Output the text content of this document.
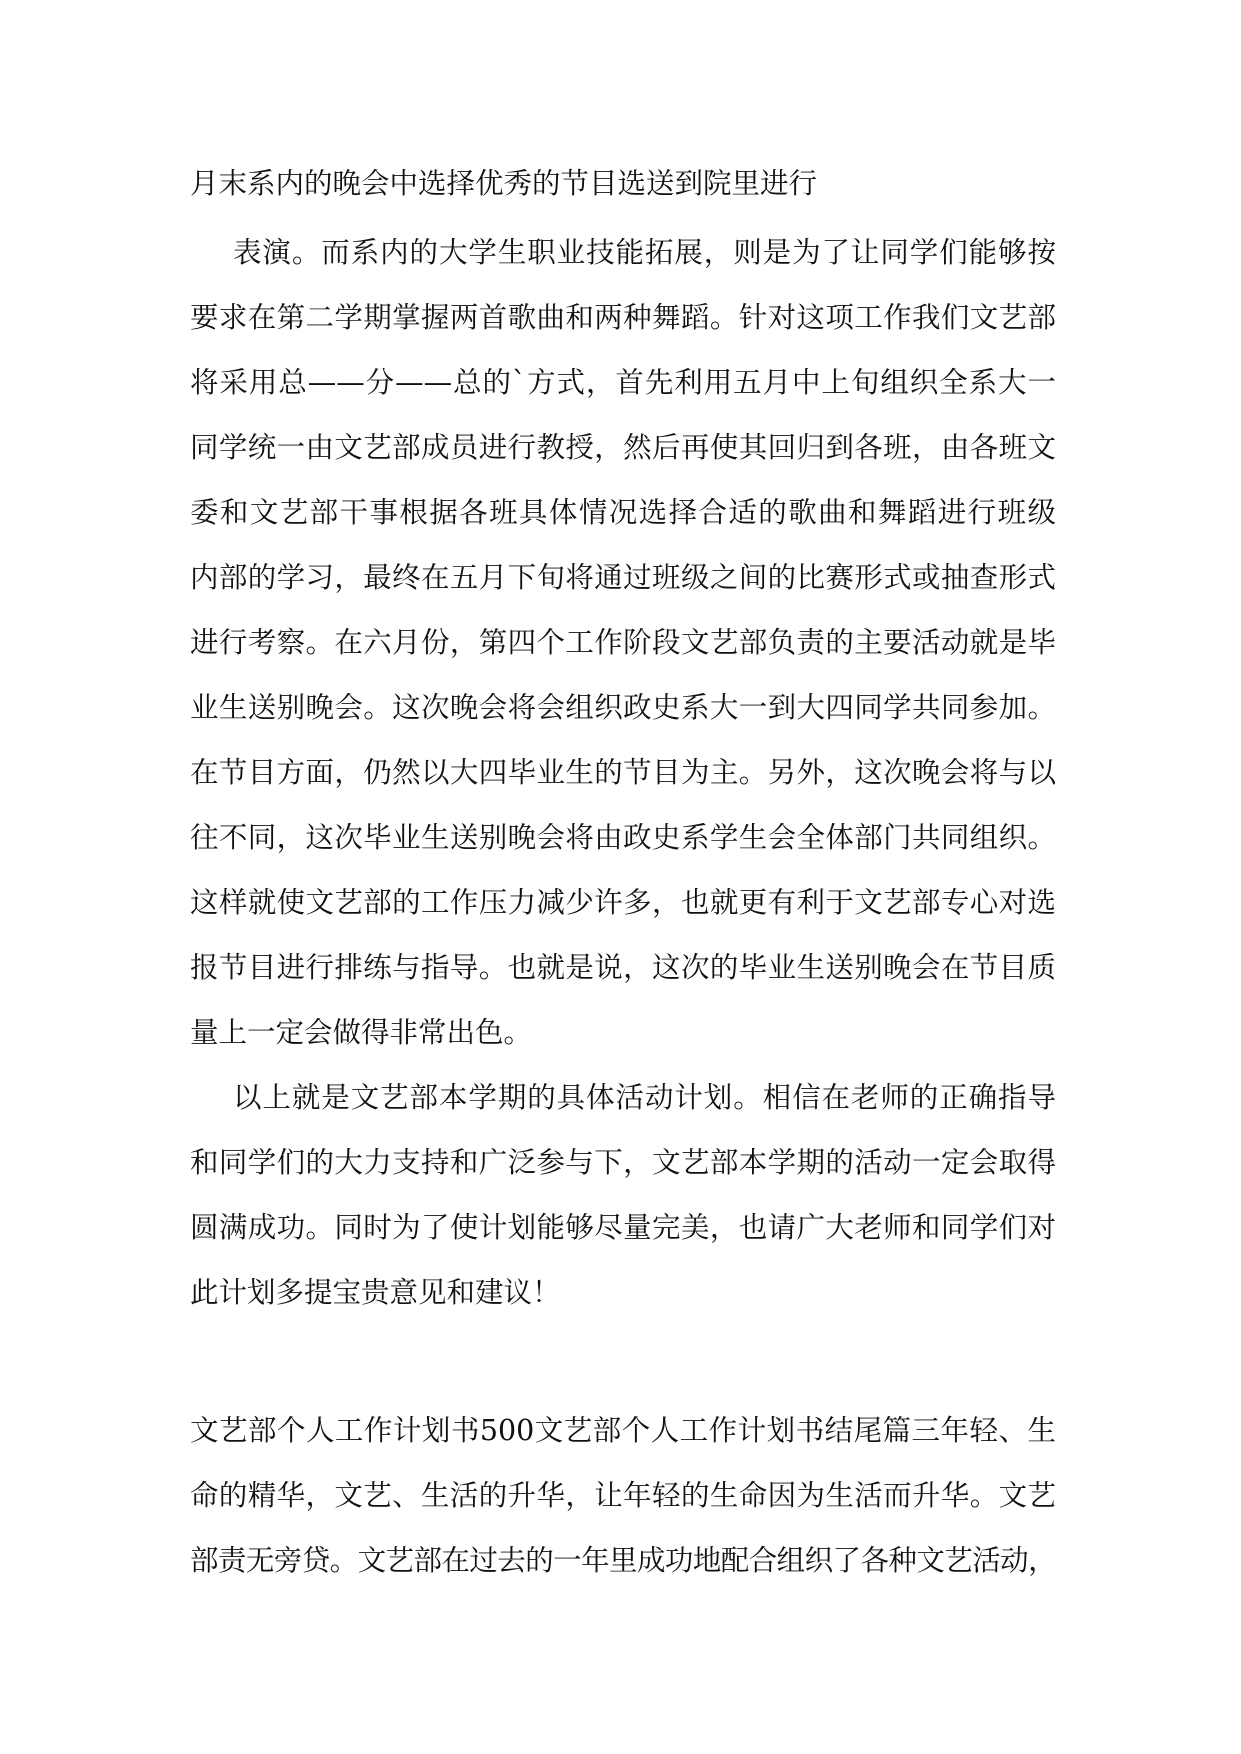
月末系内的晚会中选择优秀的节目选送到院里进行
表演。而系内的大学生职业技能拓展，则是为了让同学们能够按
要求在第二学期掌握两首歌曲和两种舞蹈。针对这项工作我们文艺部
将采用总——分——总的`方式，首先利用五月中上旬组织全系大一
同学统一由文艺部成员进行教授，然后再使其回归到各班，由各班文
委和文艺部干事根据各班具体情况选择合适的歌曲和舞蹈进行班级
内部的学习，最终在五月下旬将通过班级之间的比赛形式或抽查形式
进行考察。在六月份，第四个工作阶段文艺部负责的主要活动就是毕
业生送别晚会。这次晚会将会组织政史系大一到大四同学共同参加。
在节目方面，仍然以大四毕业生的节目为主。另外，这次晚会将与以
往不同，这次毕业生送别晚会将由政史系学生会全体部门共同组织。
这样就使文艺部的工作压力减少许多，也就更有利于文艺部专心对选
报节目进行排练与指导。也就是说，这次的毕业生送别晚会在节目质
量上一定会做得非常出色。
以上就是文艺部本学期的具体活动计划。相信在老师的正确指导
和同学们的大力支持和广泛参与下，文艺部本学期的活动一定会取得
圆满成功。同时为了使计划能够尽量完美，也请广大老师和同学们对
此计划多提宝贵意见和建议！
文艺部个人工作计划书500文艺部个人工作计划书结尾篇三年轻、生
命的精华，文艺、生活的升华，让年轻的生命因为生活而升华。文艺
部责无旁贷。文艺部在过去的一年里成功地配合组织了各种文艺活动，
